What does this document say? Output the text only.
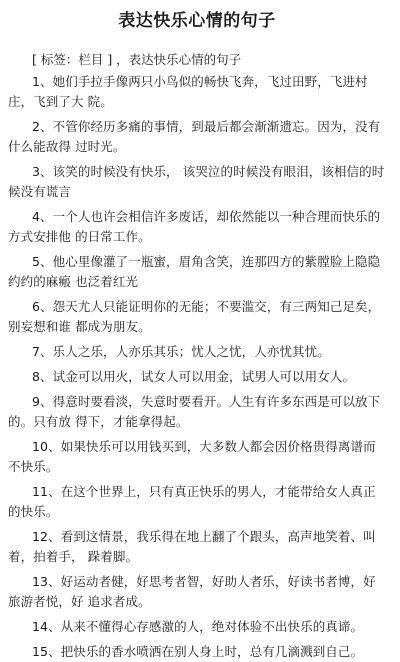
表达快乐心情的句子
[ 标签：栏目 ] ，表达快乐心情的句子
1、她们手拉手像两只小鸟似的畅快飞奔，飞过田野，飞进村庄，飞到了大 院。
2、不管你经历多痛的事情，到最后都会渐渐遗忘。因为，没有什么能敌得 过时光。
3、该笑的时候没有快乐， 该哭泣的时候没有眼泪，该相信的时候没有谎言
4、一个人也许会相信许多废话，却依然能以一种合理而快乐的方式安排他 的日常工作。
5、他心里像灌了一瓶蜜，眉角含笑，连那四方的紫膛脸上隐隐约约的麻瘢 也泛着红光
6、怨天尤人只能证明你的无能；不要滥交，有三两知己足矣，别妄想和谁 都成为朋友。
7、乐人之乐，人亦乐其乐；忧人之忧，人亦忧其忧。
8、试金可以用火，试女人可以用金，试男人可以用女人。
9、得意时要看淡，失意时要看开。人生有许多东西是可以放下的。只有放 得下，才能拿得起。
10、如果快乐可以用钱买到，大多数人都会因价格贵得离谱而不快乐。
11、在这个世界上，只有真正快乐的男人，才能带给女人真正的快乐。
12、看到这情景，我乐得在地上翻了个跟头，高声地笑着、叫着，拍着手， 跺着脚。
13、好运动者健，好思考者智，好助人者乐，好读书者博，好旅游者悦，好 追求者成。
14、从来不懂得心存感激的人，绝对体验不出快乐的真谛。
15、把快乐的香水喷洒在别人身上时，总有几滴溅到自己。
